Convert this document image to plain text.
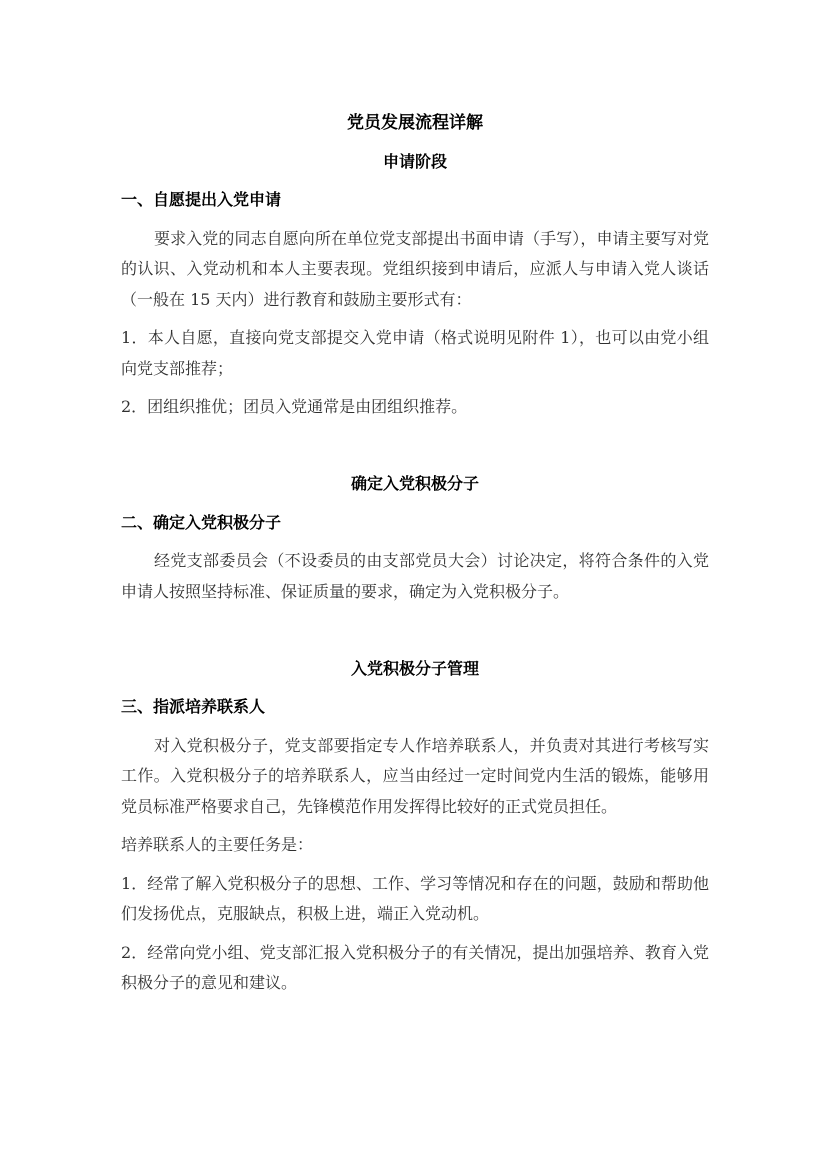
党员发展流程详解

申请阶段

一、自愿提出入党申请

要求入党的同志自愿向所在单位党支部提出书面申请（手写），申请主要写对党的认识、入党动机和本人主要表现。党组织接到申请后，应派人与申请入党人谈话（一般在 15 天内）进行教育和鼓励主要形式有：

1．本人自愿，直接向党支部提交入党申请（格式说明见附件 1），也可以由党小组向党支部推荐；

2．团组织推优；团员入党通常是由团组织推荐。

确定入党积极分子

二、确定入党积极分子

经党支部委员会（不设委员的由支部党员大会）讨论决定，将符合条件的入党申请人按照坚持标准、保证质量的要求，确定为入党积极分子。

入党积极分子管理

三、指派培养联系人

对入党积极分子，党支部要指定专人作培养联系人，并负责对其进行考核写实工作。入党积极分子的培养联系人，应当由经过一定时间党内生活的锻炼，能够用党员标准严格要求自己，先锋模范作用发挥得比较好的正式党员担任。

培养联系人的主要任务是：

1．经常了解入党积极分子的思想、工作、学习等情况和存在的问题，鼓励和帮助他们发扬优点，克服缺点，积极上进，端正入党动机。

2．经常向党小组、党支部汇报入党积极分子的有关情况，提出加强培养、教育入党积极分子的意见和建议。
